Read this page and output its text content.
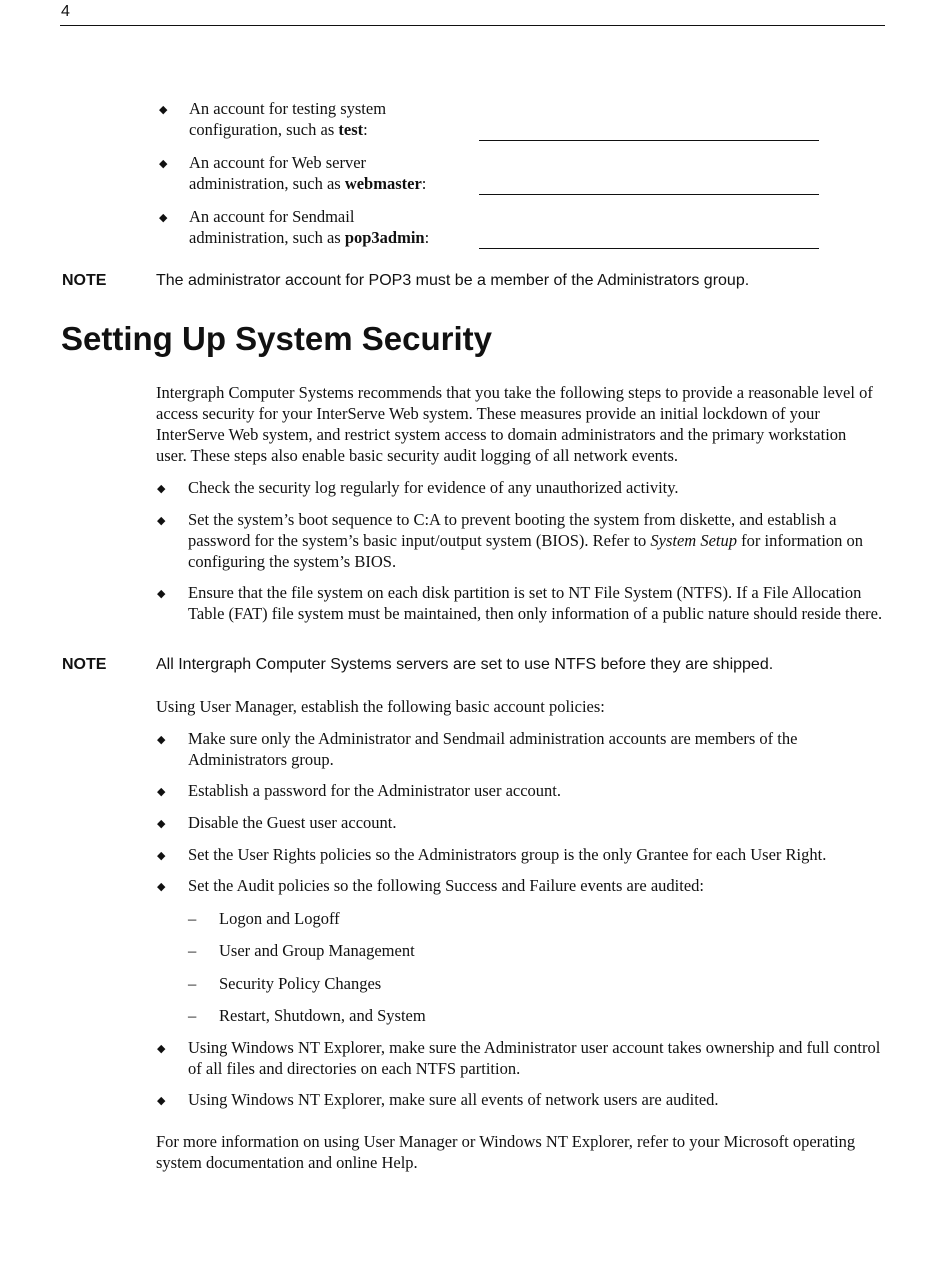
4
◆ An account for testing system
configuration, such as test:
◆ An account for Web server
administration, such as webmaster:
◆ An account for Sendmail
administration, such as pop3admin:
NOTE	The administrator account for POP3 must be a member of the Administrators group.
Setting Up System Security
Intergraph Computer Systems recommends that you take the following steps to provide a reasonable level of access security for your InterServe Web system. These measures provide an initial lockdown of your InterServe Web system, and restrict system access to domain administrators and the primary workstation user. These steps also enable basic security audit logging of all network events.
◆ Check the security log regularly for evidence of any unauthorized activity.
◆ Set the system’s boot sequence to C:A to prevent booting the system from diskette, and establish a password for the system’s basic input/output system (BIOS). Refer to System Setup for information on configuring the system’s BIOS.
◆ Ensure that the file system on each disk partition is set to NT File System (NTFS). If a File Allocation Table (FAT) file system must be maintained, then only information of a public nature should reside there.
NOTE	All Intergraph Computer Systems servers are set to use NTFS before they are shipped.
Using User Manager, establish the following basic account policies:
◆ Make sure only the Administrator and Sendmail administration accounts are members of the Administrators group.
◆ Establish a password for the Administrator user account.
◆ Disable the Guest user account.
◆ Set the User Rights policies so the Administrators group is the only Grantee for each User Right.
◆ Set the Audit policies so the following Success and Failure events are audited:
– Logon and Logoff
– User and Group Management
– Security Policy Changes
– Restart, Shutdown, and System
◆ Using Windows NT Explorer, make sure the Administrator user account takes ownership and full control of all files and directories on each NTFS partition.
◆ Using Windows NT Explorer, make sure all events of network users are audited.
For more information on using User Manager or Windows NT Explorer, refer to your Microsoft operating system documentation and online Help.
